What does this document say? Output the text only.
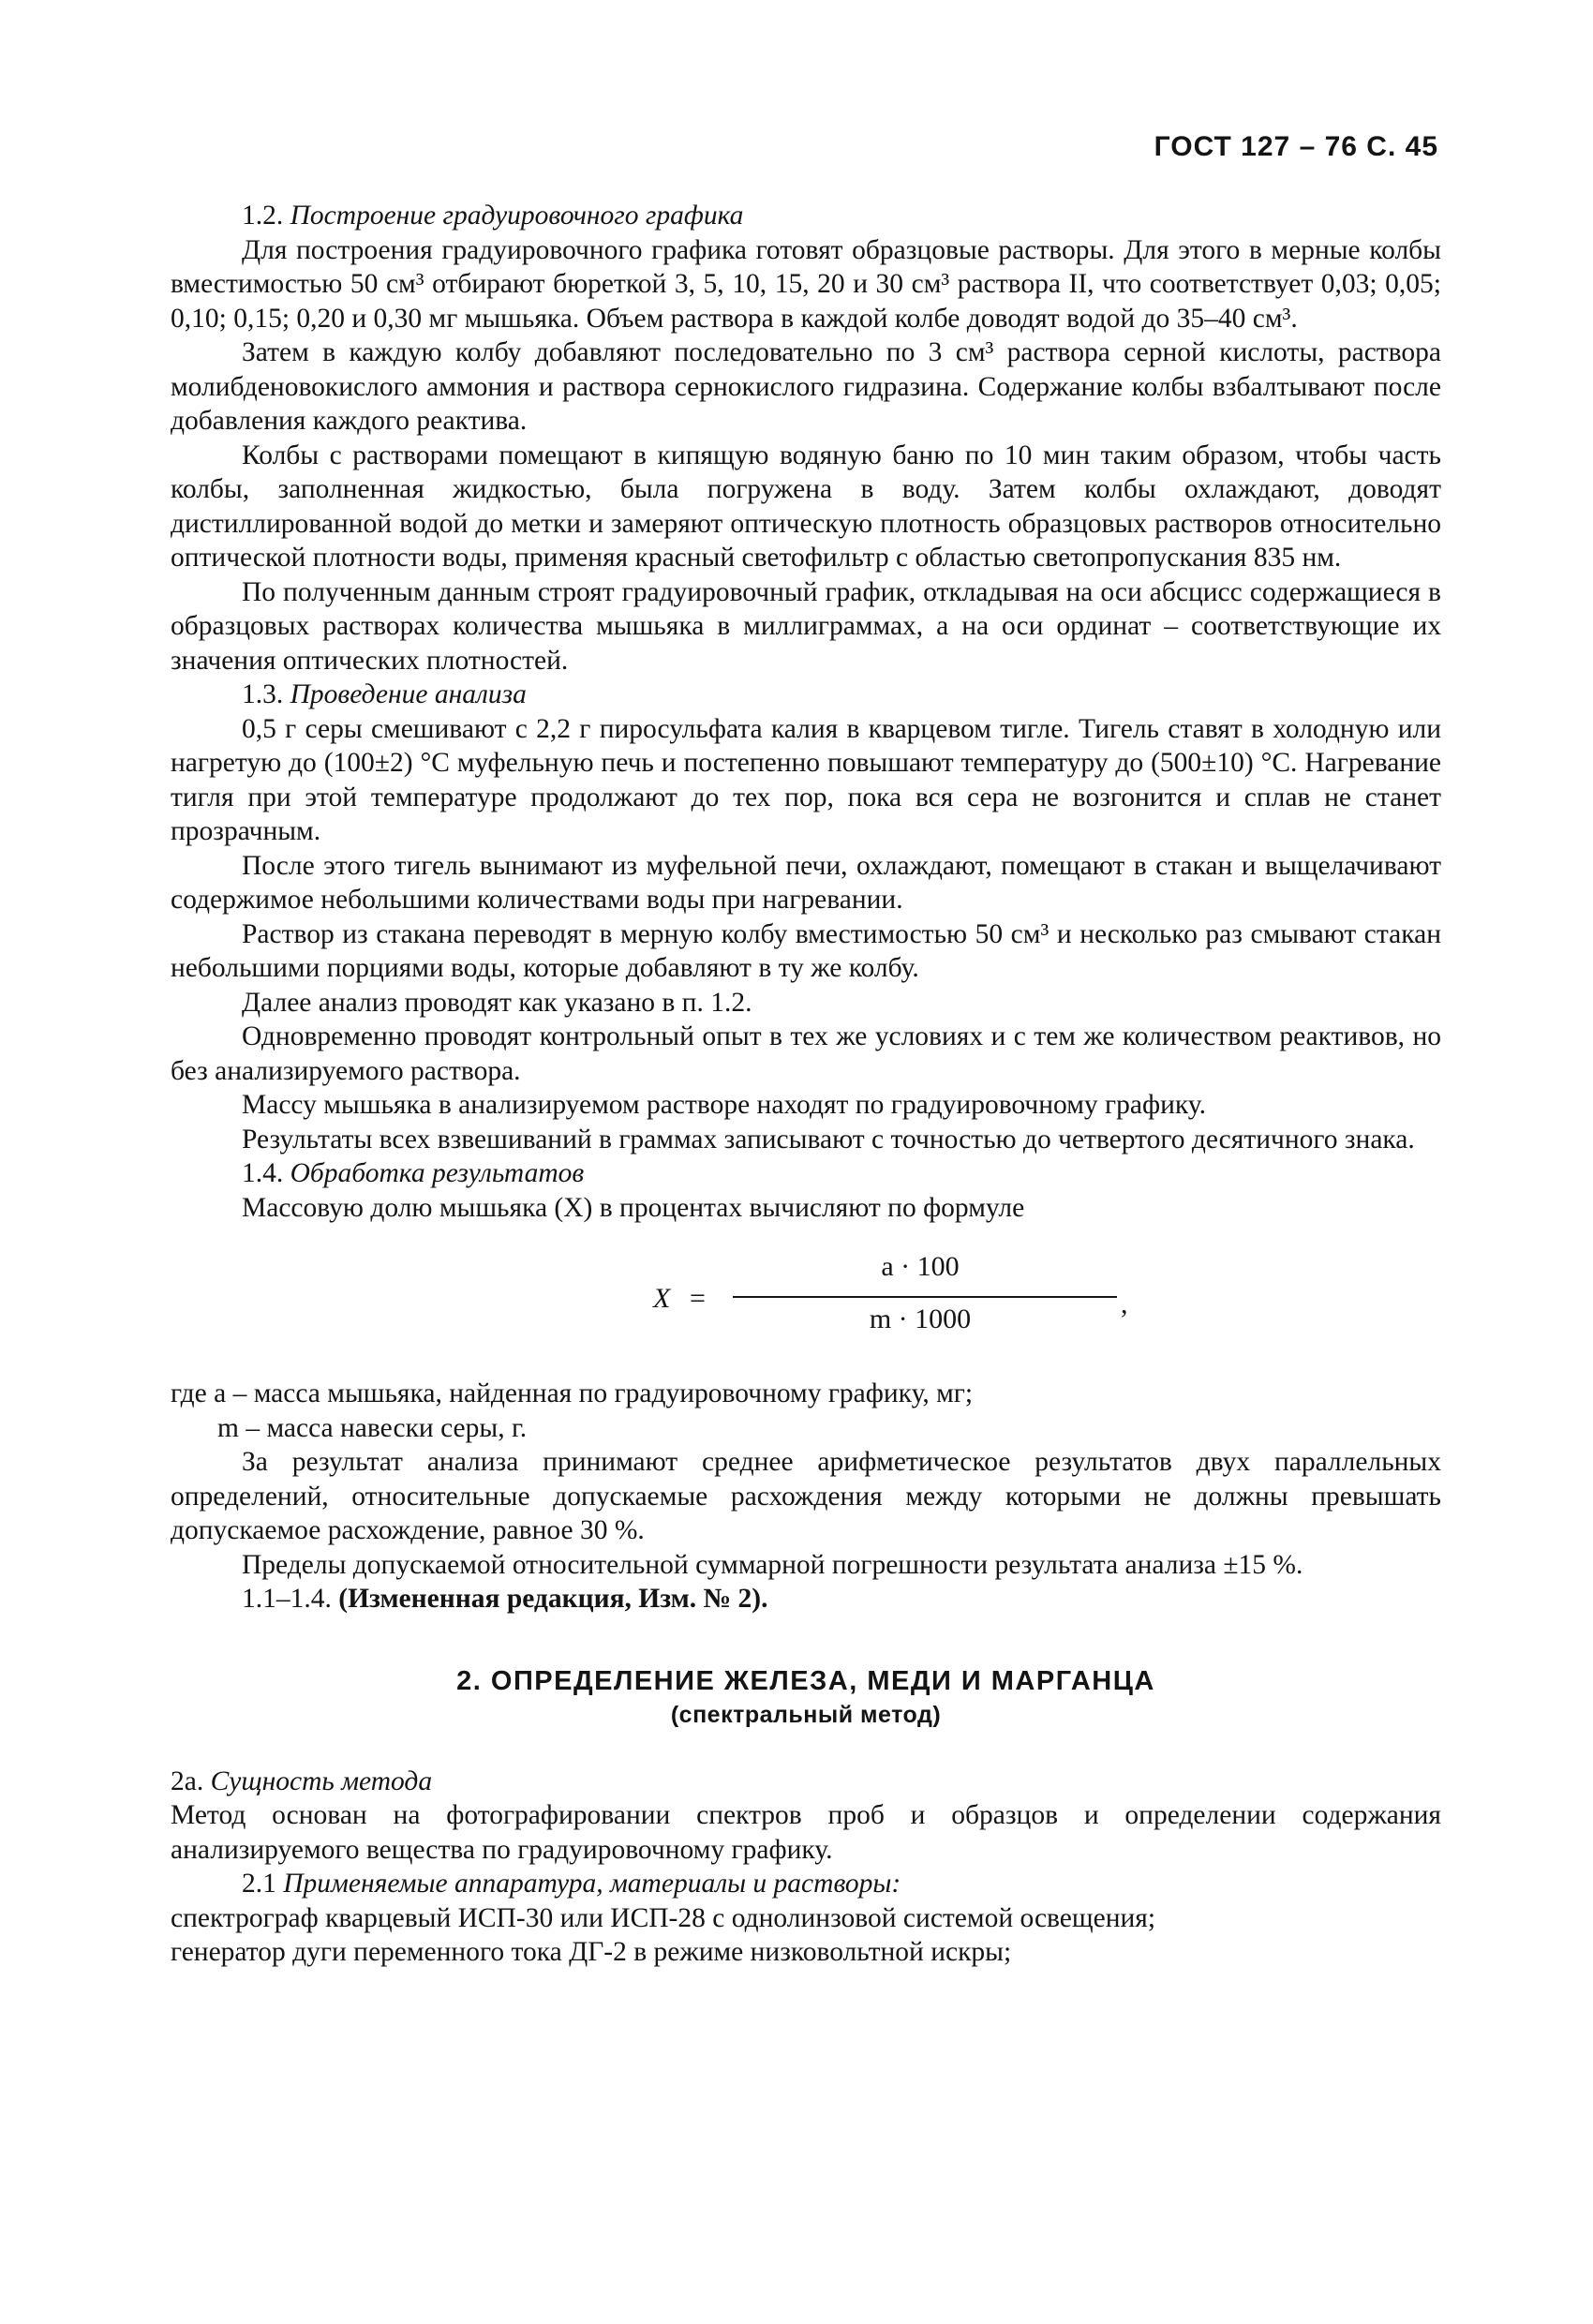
ГОСТ 127 – 76 С. 45

1.2. Построение градуировочного графика

Для построения градуировочного графика готовят образцовые растворы. Для этого в мерные колбы вместимостью 50 см³ отбирают бюреткой 3, 5, 10, 15, 20 и 30 см³ раствора II, что соответствует 0,03; 0,05; 0,10; 0,15; 0,20 и 0,30 мг мышьяка. Объем раствора в каждой колбе доводят водой до 35–40 см³.

Затем в каждую колбу добавляют последовательно по 3 см³ раствора серной кислоты, раствора молибденовокислого аммония и раствора сернокислого гидразина. Содержание колбы взбалтывают после добавления каждого реактива.

Колбы с растворами помещают в кипящую водяную баню по 10 мин таким образом, чтобы часть колбы, заполненная жидкостью, была погружена в воду. Затем колбы охлаждают, доводят дистиллированной водой до метки и замеряют оптическую плотность образцовых растворов относительно оптической плотности воды, применяя красный светофильтр с областью светопропускания 835 нм.

По полученным данным строят градуировочный график, откладывая на оси абсцисс содержащиеся в образцовых растворах количества мышьяка в миллиграммах, а на оси ординат – соответствующие их значения оптических плотностей.

1.3. Проведение анализа

0,5 г серы смешивают с 2,2 г пиросульфата калия в кварцевом тигле. Тигель ставят в холодную или нагретую до (100±2) °С муфельную печь и постепенно повышают температуру до (500±10) °С. Нагревание тигля при этой температуре продолжают до тех пор, пока вся сера не возгонится и сплав не станет прозрачным.

После этого тигель вынимают из муфельной печи, охлаждают, помещают в стакан и выщелачивают содержимое небольшими количествами воды при нагревании.

Раствор из стакана переводят в мерную колбу вместимостью 50 см³ и несколько раз смывают стакан небольшими порциями воды, которые добавляют в ту же колбу.

Далее анализ проводят как указано в п. 1.2.

Одновременно проводят контрольный опыт в тех же условиях и с тем же количеством реактивов, но без анализируемого раствора.

Массу мышьяка в анализируемом растворе находят по градуировочному графику.

Результаты всех взвешиваний в граммах записывают с точностью до четвертого десятичного знака.

1.4. Обработка результатов

Массовую долю мышьяка (X) в процентах вычисляют по формуле

X =
a · 100
m · 1000	,

где a – масса мышьяка, найденная по градуировочному графику, мг;

m – масса навески серы, г.

За результат анализа принимают среднее арифметическое результатов двух параллельных определений, относительные допускаемые расхождения между которыми не должны превышать допускаемое расхождение, равное 30 %.

Пределы допускаемой относительной суммарной погрешности результата анализа ±15 %.

1.1–1.4. (Измененная редакция, Изм. № 2).

2. ОПРЕДЕЛЕНИЕ ЖЕЛЕЗА, МЕДИ И МАРГАНЦА
(спектральный метод)

2а. Сущность метода

Метод основан на фотографировании спектров проб и образцов и определении содержания анализируемого вещества по градуировочному графику.

2.1 Применяемые аппаратура, материалы и растворы:

спектрограф кварцевый ИСП-30 или ИСП-28 с однолинзовой системой освещения;

генератор дуги переменного тока ДГ-2 в режиме низковольтной искры;
